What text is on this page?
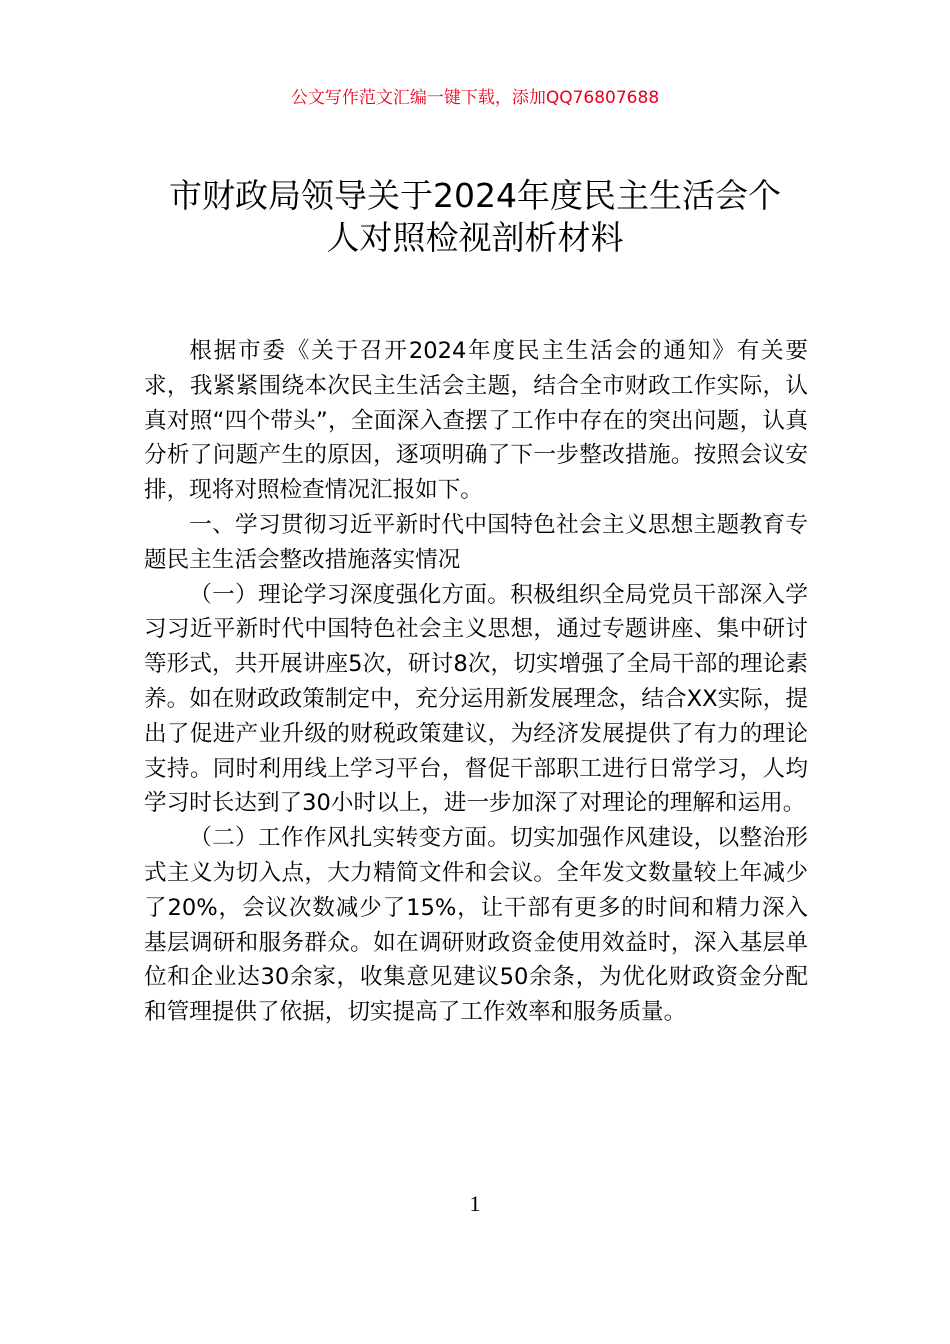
公文写作范文汇编一键下载，添加QQ76807688
市财政局领导关于2024年度民主生活会个
人对照检视剖析材料

根据市委《关于召开2024年度民主生活会的通知》有关要求，我紧紧围绕本次民主生活会主题，结合全市财政工作实际，认真对照“四个带头”，全面深入查摆了工作中存在的突出问题，认真分析了问题产生的原因，逐项明确了下一步整改措施。按照会议安排，现将对照检查情况汇报如下。

一、学习贯彻习近平新时代中国特色社会主义思想主题教育专题民主生活会整改措施落实情况

（一）理论学习深度强化方面。积极组织全局党员干部深入学习习近平新时代中国特色社会主义思想，通过专题讲座、集中研讨等形式，共开展讲座5次，研讨8次，切实增强了全局干部的理论素养。如在财政政策制定中，充分运用新发展理念，结合XX实际，提出了促进产业升级的财税政策建议，为经济发展提供了有力的理论支持。同时利用线上学习平台，督促干部职工进行日常学习，人均学习时长达到了30小时以上，进一步加深了对理论的理解和运用。

（二）工作作风扎实转变方面。切实加强作风建设，以整治形式主义为切入点，大力精简文件和会议。全年发文数量较上年减少了20%，会议次数减少了15%，让干部有更多的时间和精力深入基层调研和服务群众。如在调研财政资金使用效益时，深入基层单位和企业达30余家，收集意见建议50余条，为优化财政资金分配和管理提供了依据，切实提高了工作效率和服务质量。

1
